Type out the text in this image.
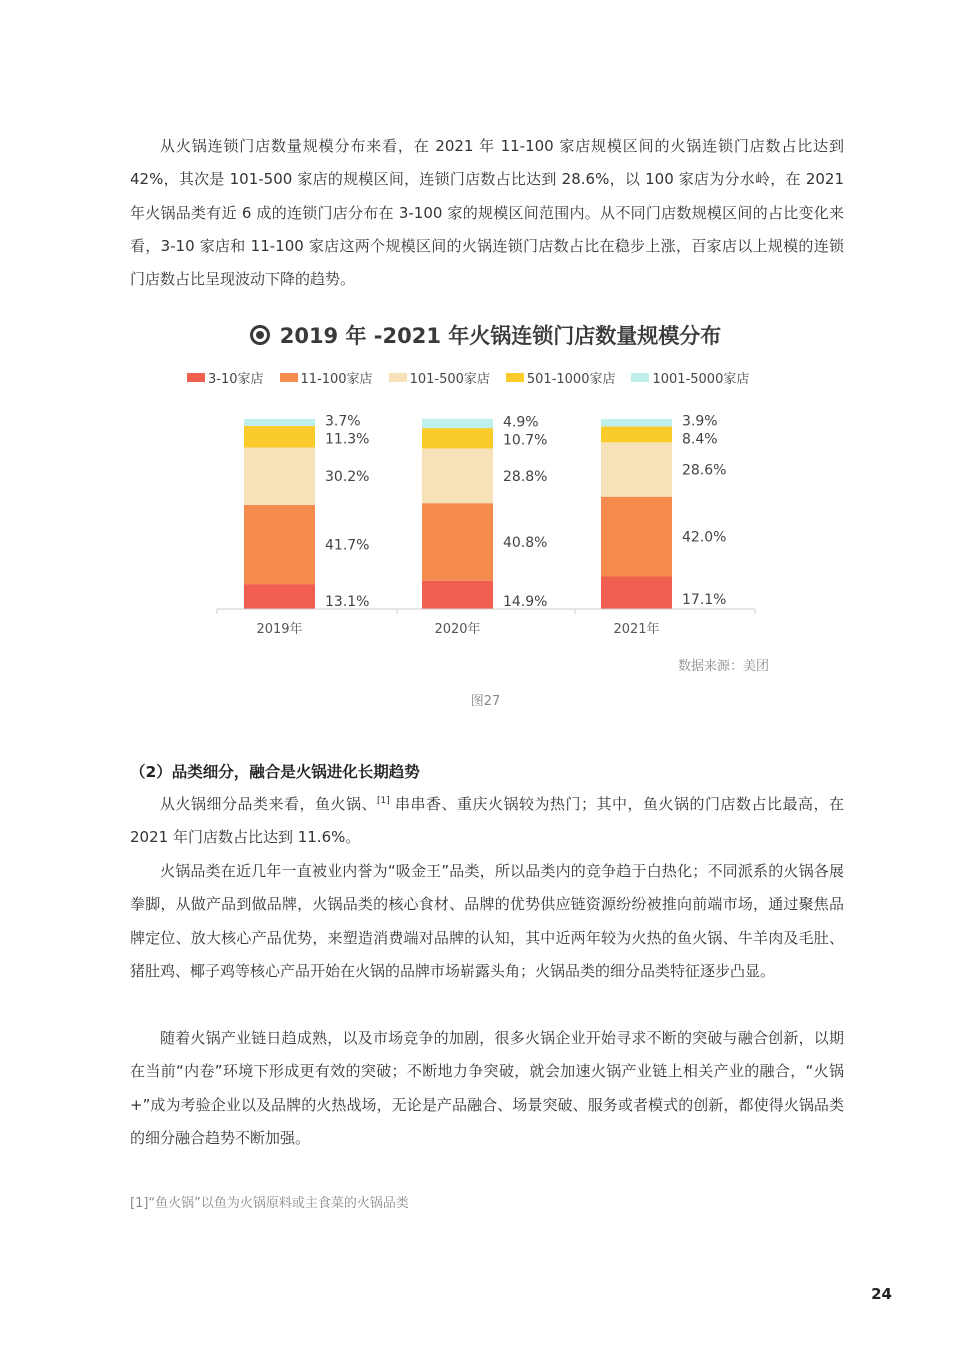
从火锅连锁门店数量规模分布来看，在 2021 年 11-100 家店规模区间的火锅连锁门店数占比达到 42%，其次是 101-500 家店的规模区间，连锁门店数占比达到 28.6%，以 100 家店为分水岭，在 2021 年火锅品类有近 6 成的连锁门店分布在 3-100 家的规模区间范围内。从不同门店数规模区间的占比变化来看，3-10 家店和 11-100 家店这两个规模区间的火锅连锁门店数占比在稳步上涨，百家店以上规模的连锁门店数占比呈现波动下降的趋势。

2019 年 -2021 年火锅连锁门店数量规模分布
3-10家店	11-100家店	101-500家店	501-1000家店	1001-5000家店
13.1%
41.7%
30.2%
11.3%
3.7%
2019年
14.9%
40.8%
28.8%
10.7%
4.9%
2020年
17.1%
42.0%
28.6%
8.4%
3.9%
2021年
数据来源：美团
图27
（2）品类细分，融合是火锅进化长期趋势

从火锅细分品类来看，鱼火锅、[1] 串串香、重庆火锅较为热门；其中，鱼火锅的门店数占比最高，在 2021 年门店数占比达到 11.6%。

火锅品类在近几年一直被业内誉为“吸金王”品类，所以品类内的竞争趋于白热化；不同派系的火锅各展拳脚，从做产品到做品牌，火锅品类的核心食材、品牌的优势供应链资源纷纷被推向前端市场，通过聚焦品牌定位、放大核心产品优势，来塑造消费端对品牌的认知，其中近两年较为火热的鱼火锅、牛羊肉及毛肚、猪肚鸡、椰子鸡等核心产品开始在火锅的品牌市场崭露头角；火锅品类的细分品类特征逐步凸显。

随着火锅产业链日趋成熟，以及市场竞争的加剧，很多火锅企业开始寻求不断的突破与融合创新，以期在当前“内卷”环境下形成更有效的突破；不断地力争突破，就会加速火锅产业链上相关产业的融合，“火锅 +”成为考验企业以及品牌的火热战场，无论是产品融合、场景突破、服务或者模式的创新，都使得火锅品类的细分融合趋势不断加强。

[1]“鱼火锅”以鱼为火锅原料或主食菜的火锅品类
24
